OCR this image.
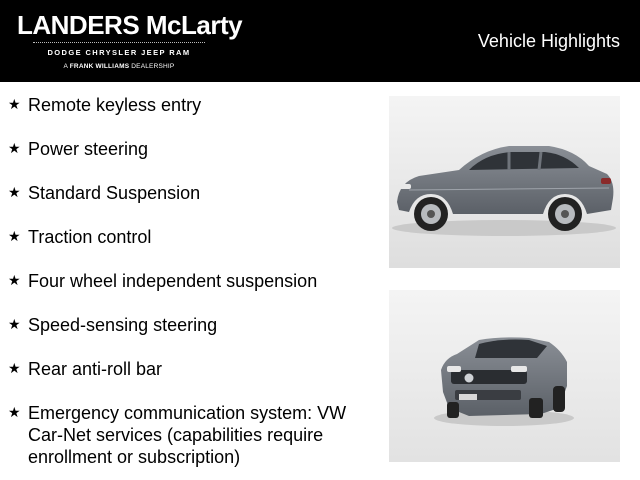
LANDERS McLarty
DODGE CHRYSLER JEEP RAM
A FRANK WILLIAMS DEALERSHIP
Vehicle Highlights
★ Remote keyless entry
★ Power steering
★ Standard Suspension
★ Traction control
★ Four wheel independent suspension
★ Speed-sensing steering
★ Rear anti-roll bar
★ Emergency communication system: VW Car-Net services (capabilities require enrollment or subscription)
